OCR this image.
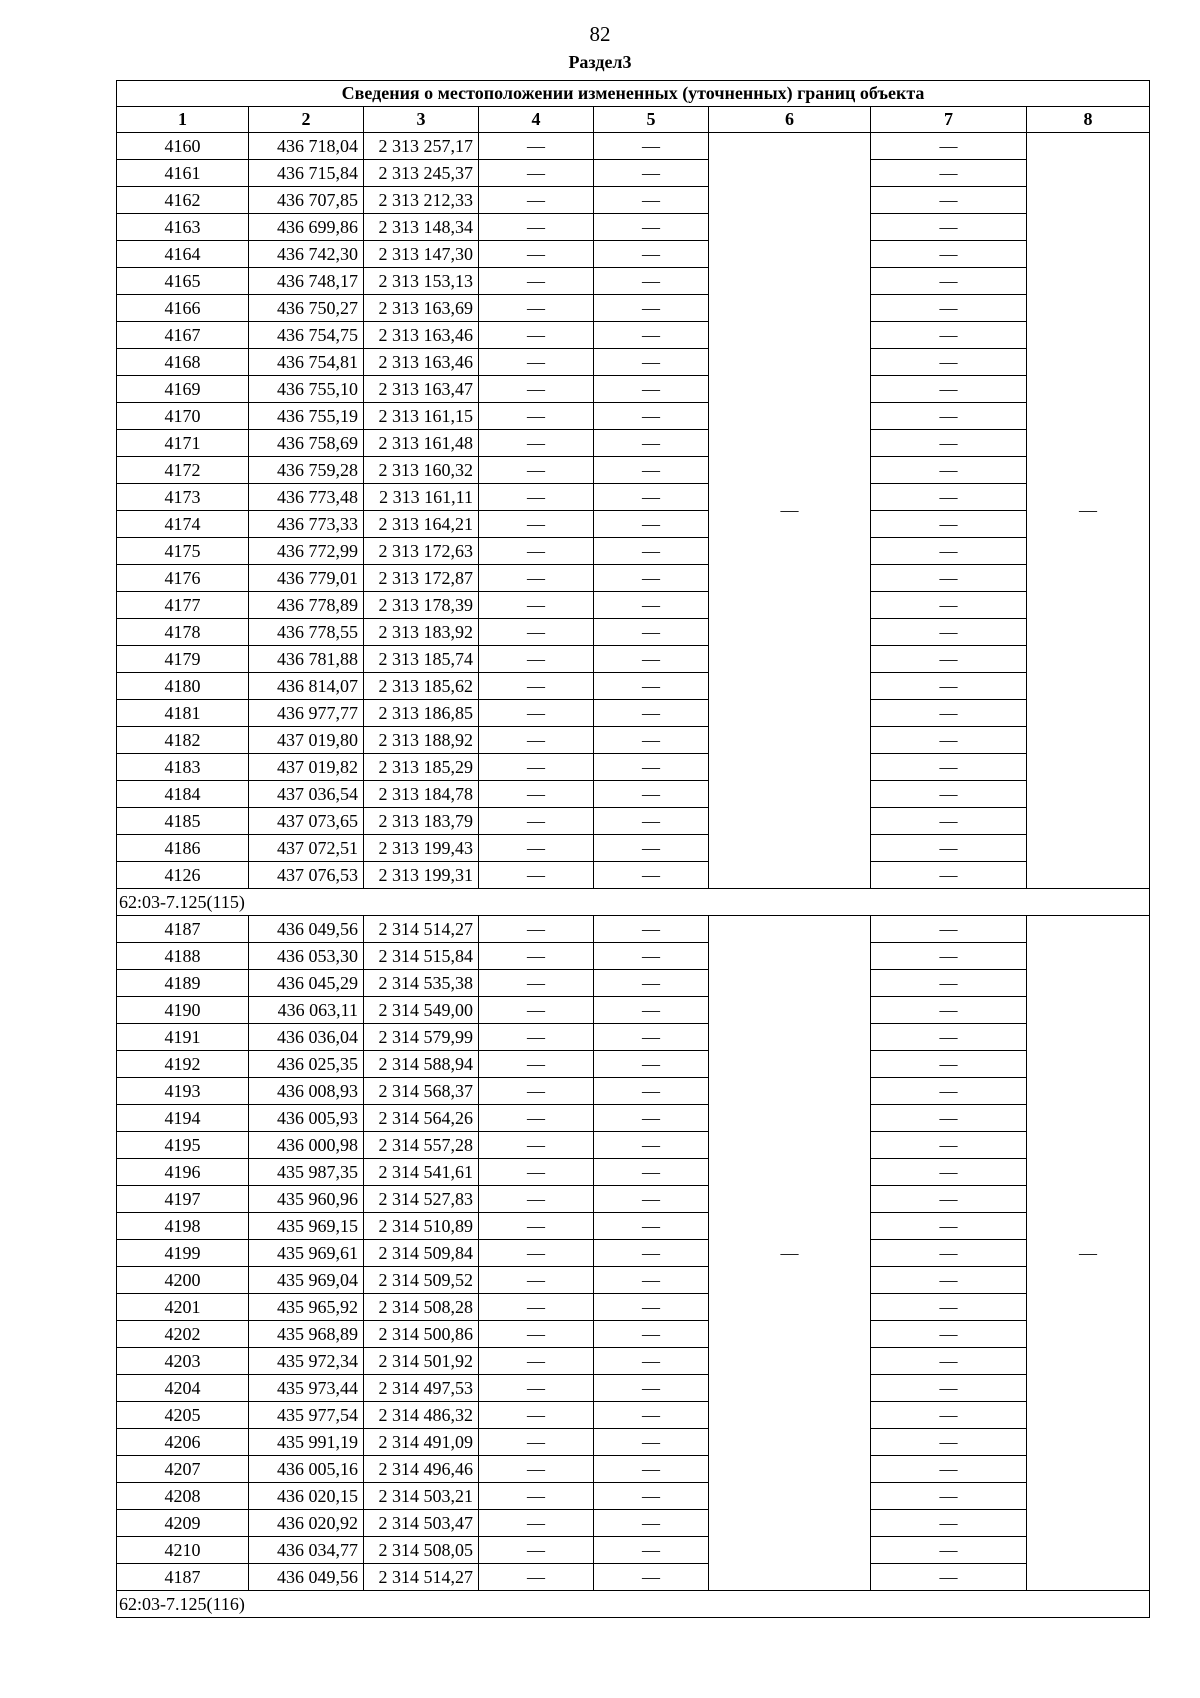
82
Раздел3
Сведения о местоположении измененных (уточненных) границ объекта							
1	2	3	4	5	6	7	8
4160	436 718,04	2 313 257,17	—	—	—	—	—
4161	436 715,84	2 313 245,37	—	—		—	
4162	436 707,85	2 313 212,33	—	—		—	
4163	436 699,86	2 313 148,34	—	—		—	
4164	436 742,30	2 313 147,30	—	—		—	
4165	436 748,17	2 313 153,13	—	—		—	
4166	436 750,27	2 313 163,69	—	—		—	
4167	436 754,75	2 313 163,46	—	—		—	
4168	436 754,81	2 313 163,46	—	—		—	
4169	436 755,10	2 313 163,47	—	—		—	
4170	436 755,19	2 313 161,15	—	—		—	
4171	436 758,69	2 313 161,48	—	—		—	
4172	436 759,28	2 313 160,32	—	—		—	
4173	436 773,48	2 313 161,11	—	—		—	
4174	436 773,33	2 313 164,21	—	—		—	
4175	436 772,99	2 313 172,63	—	—		—	
4176	436 779,01	2 313 172,87	—	—		—	
4177	436 778,89	2 313 178,39	—	—		—	
4178	436 778,55	2 313 183,92	—	—		—	
4179	436 781,88	2 313 185,74	—	—		—	
4180	436 814,07	2 313 185,62	—	—		—	
4181	436 977,77	2 313 186,85	—	—		—	
4182	437 019,80	2 313 188,92	—	—		—	
4183	437 019,82	2 313 185,29	—	—		—	
4184	437 036,54	2 313 184,78	—	—		—	
4185	437 073,65	2 313 183,79	—	—		—	
4186	437 072,51	2 313 199,43	—	—		—	
4126	437 076,53	2 313 199,31	—	—		—	
62:03-7.125(115)							
4187	436 049,56	2 314 514,27	—	—	—	—	—
4188	436 053,30	2 314 515,84	—	—		—	
4189	436 045,29	2 314 535,38	—	—		—	
4190	436 063,11	2 314 549,00	—	—		—	
4191	436 036,04	2 314 579,99	—	—		—	
4192	436 025,35	2 314 588,94	—	—		—	
4193	436 008,93	2 314 568,37	—	—		—	
4194	436 005,93	2 314 564,26	—	—		—	
4195	436 000,98	2 314 557,28	—	—		—	
4196	435 987,35	2 314 541,61	—	—		—	
4197	435 960,96	2 314 527,83	—	—		—	
4198	435 969,15	2 314 510,89	—	—		—	
4199	435 969,61	2 314 509,84	—	—		—	
4200	435 969,04	2 314 509,52	—	—		—	
4201	435 965,92	2 314 508,28	—	—		—	
4202	435 968,89	2 314 500,86	—	—		—	
4203	435 972,34	2 314 501,92	—	—		—	
4204	435 973,44	2 314 497,53	—	—		—	
4205	435 977,54	2 314 486,32	—	—		—	
4206	435 991,19	2 314 491,09	—	—		—	
4207	436 005,16	2 314 496,46	—	—		—	
4208	436 020,15	2 314 503,21	—	—		—	
4209	436 020,92	2 314 503,47	—	—		—	
4210	436 034,77	2 314 508,05	—	—		—	
4187	436 049,56	2 314 514,27	—	—		—	
62:03-7.125(116)							
